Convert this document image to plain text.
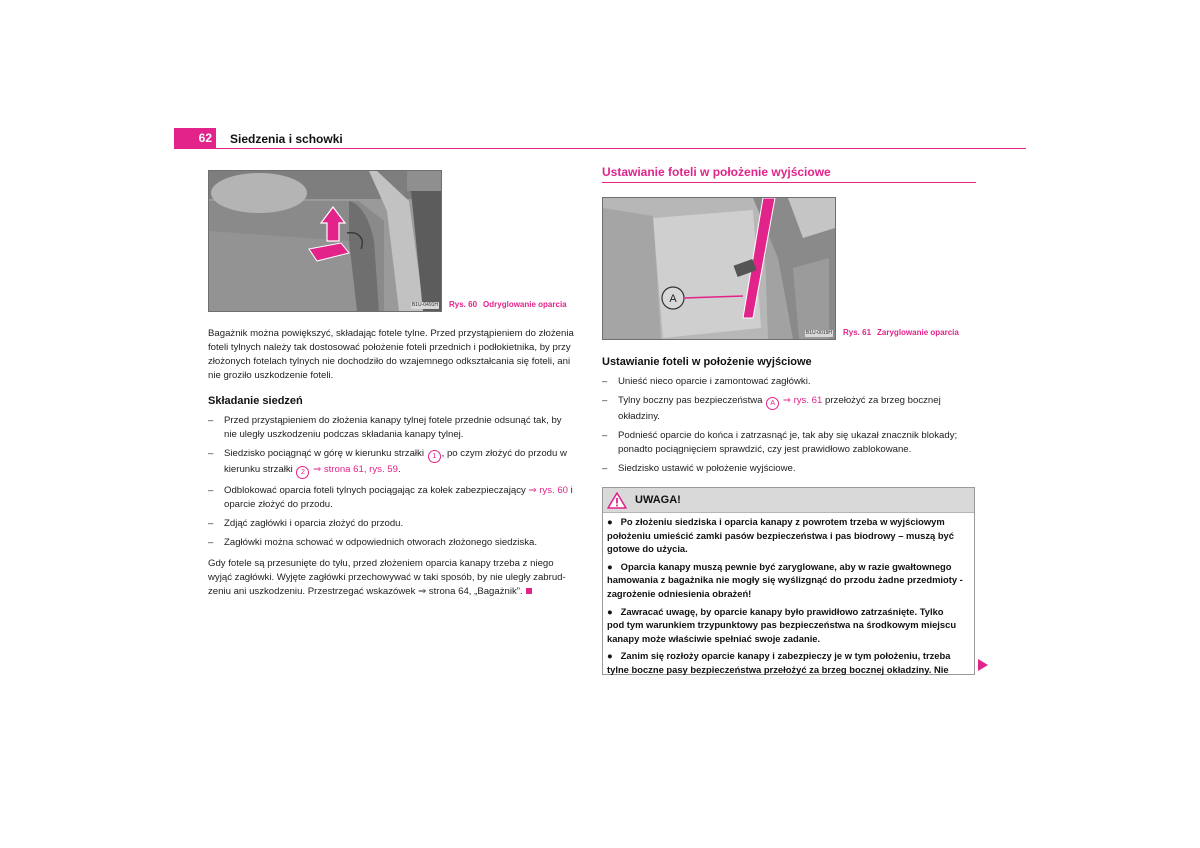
62	Siedzenia i schowki
B1U-0491H Rys. 60 Odryglowanie oparcia
Bagażnik można powiększyć, składając fotele tylne. Przed przystąpieniem do złożenia
foteli tylnych należy tak dostosować położenie foteli przednich i podłokietnika, by przy
złożonych fotelach tylnych nie dochodziło do wzajemnego odkształcania się foteli, ani
nie groziło uszkodzenie foteli.
Składanie siedzeń
– Przed przystąpieniem do złożenia kanapy tylnej fotele przednie odsunąć tak, by
nie uległy uszkodzeniu podczas składania kanapy tylnej.
– Siedzisko pociągnąć w górę w kierunku strzałki 1 , po czym złożyć do przodu w
kierunku strzałki 2 ⇒ strona 61, rys. 59.
– Odblokować oparcia foteli tylnych pociągając za kołek zabezpieczający ⇒ rys. 60 i
oparcie złożyć do przodu.
– Zdjąć zagłówki i oparcia złożyć do przodu.
– Zagłówki można schować w odpowiednich otworach złożonego siedziska.
Gdy fotele są przesunięte do tyłu, przed złożeniem oparcia kanapy trzeba z niego
wyjąć zagłówki. Wyjęte zagłówki przechowywać w taki sposób, by nie uległy zabrud-
zeniu ani uszkodzeniu. Przestrzegać wskazówek ⇒ strona 64, „Bagażnik”.
Ustawianie foteli w położenie wyjściowe
A
B1U-0019H Rys. 61 Zaryglowanie oparcia
Ustawianie foteli w położenie wyjściowe
– Unieść nieco oparcie i zamontować zagłówki.
– Tylny boczny pas bezpieczeństwa A ⇒ rys. 61 przełożyć za brzeg bocznej
okładziny.
– Podnieść oparcie do końca i zatrzasnąć je, tak aby się ukazał znacznik blokady;
ponadto pociągnięciem sprawdzić, czy jest prawidłowo zablokowane.
– Siedzisko ustawić w położenie wyjściowe.
UWAGA!

● Po złożeniu siedziska i oparcia kanapy z powrotem trzeba w wyjściowym
położeniu umieścić zamki pasów bezpieczeństwa i pas biodrowy – muszą być
gotowe do użycia.

● Oparcia kanapy muszą pewnie być zaryglowane, aby w razie gwałtownego
hamowania z bagażnika nie mogły się wyślizgnąć do przodu żadne przedmioty -
zagrożenie odniesienia obrażeń!

● Zawracać uwagę, by oparcie kanapy było prawidłowo zatrzaśnięte. Tylko
pod tym warunkiem trzypunktowy pas bezpieczeństwa na środkowym miejscu
kanapy może właściwie spełniać swoje zadanie.

● Zanim się rozłoży oparcie kanapy i zabezpieczy je w tym położeniu, trzeba
tylne boczne pasy bezpieczeństwa przełożyć za brzeg bocznej okładziny. Nie
